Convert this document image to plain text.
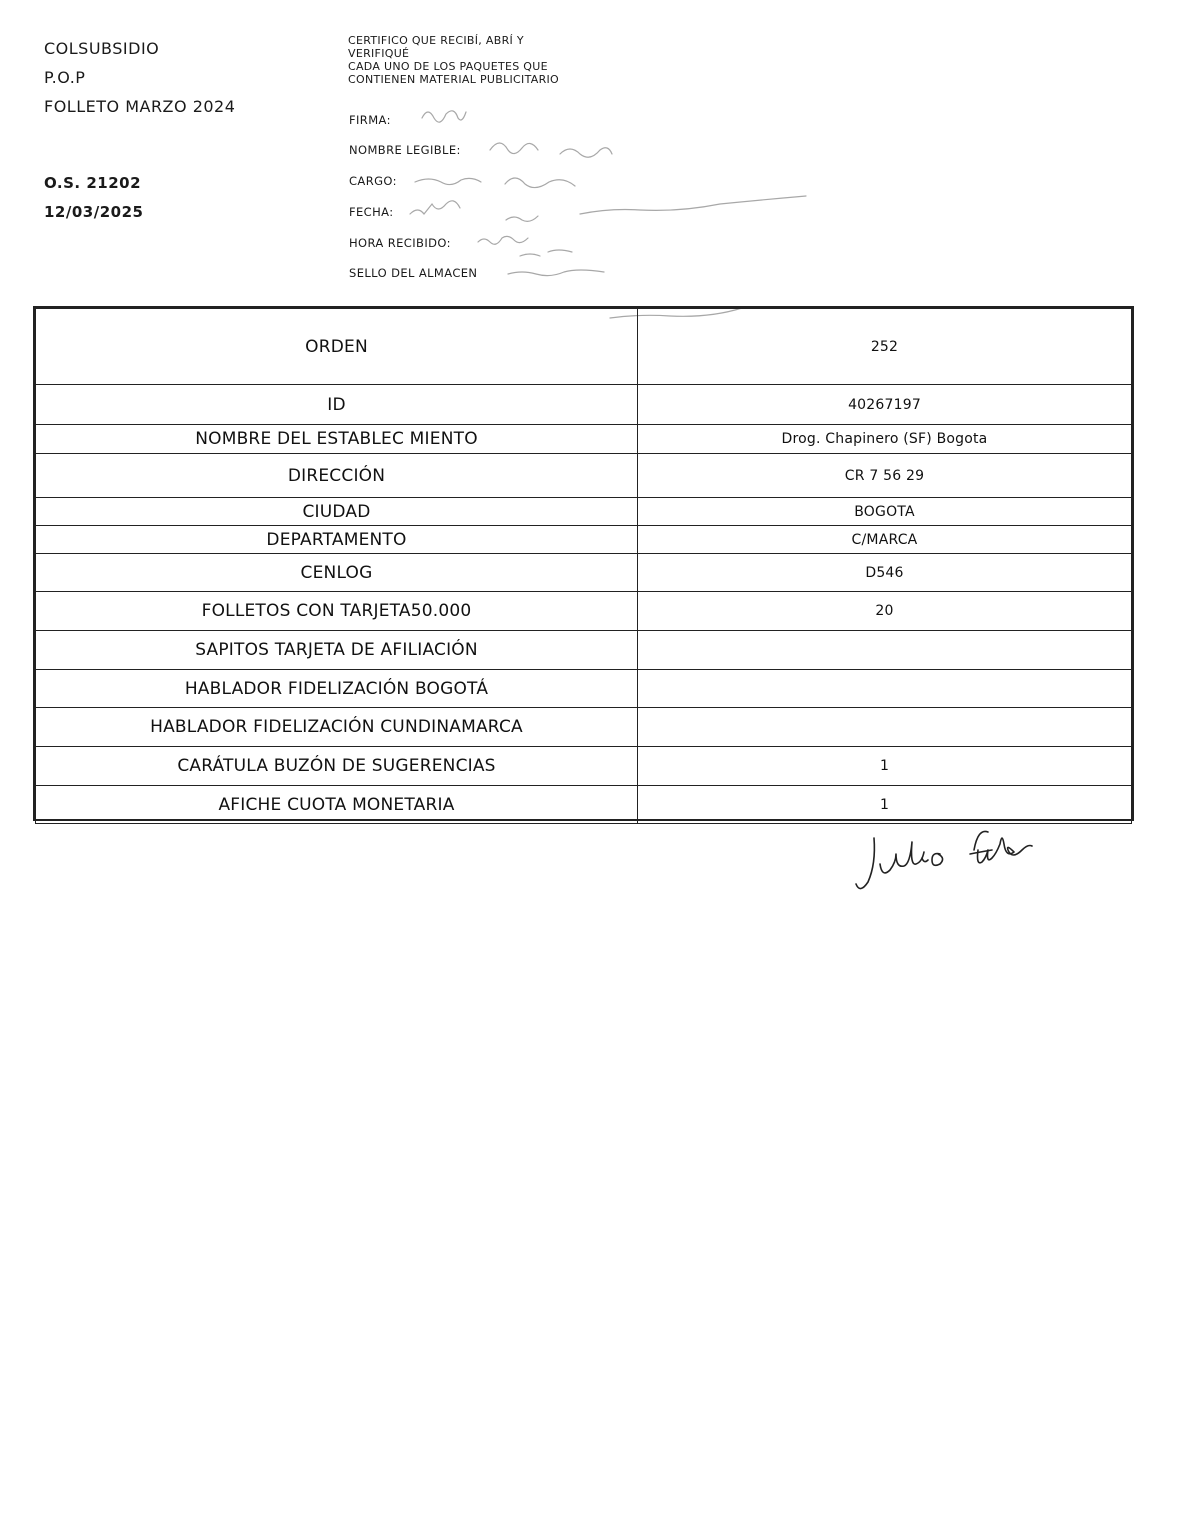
COLSUBSIDIO
P.O.P
FOLLETO MARZO 2024
O.S. 21202
12/03/2025
CERTIFICO QUE RECIBÍ, ABRÍ Y
VERIFIQUÉ
CADA UNO DE LOS PAQUETES QUE
CONTIENEN MATERIAL PUBLICITARIO
FIRMA:
NOMBRE LEGIBLE:
CARGO:
FECHA:
HORA RECIBIDO:
SELLO DEL ALMACEN
ORDEN	252
ID	40267197
NOMBRE DEL ESTABLEC MIENTO	Drog. Chapinero (SF) Bogota
DIRECCIÓN	CR 7 56 29
CIUDAD	BOGOTA
DEPARTAMENTO	C/MARCA
CENLOG	D546
FOLLETOS CON TARJETA50.000	20
SAPITOS TARJETA DE AFILIACIÓN	
HABLADOR FIDELIZACIÓN BOGOTÁ	
HABLADOR FIDELIZACIÓN CUNDINAMARCA	
CARÁTULA BUZÓN DE SUGERENCIAS	1
AFICHE CUOTA MONETARIA	1
